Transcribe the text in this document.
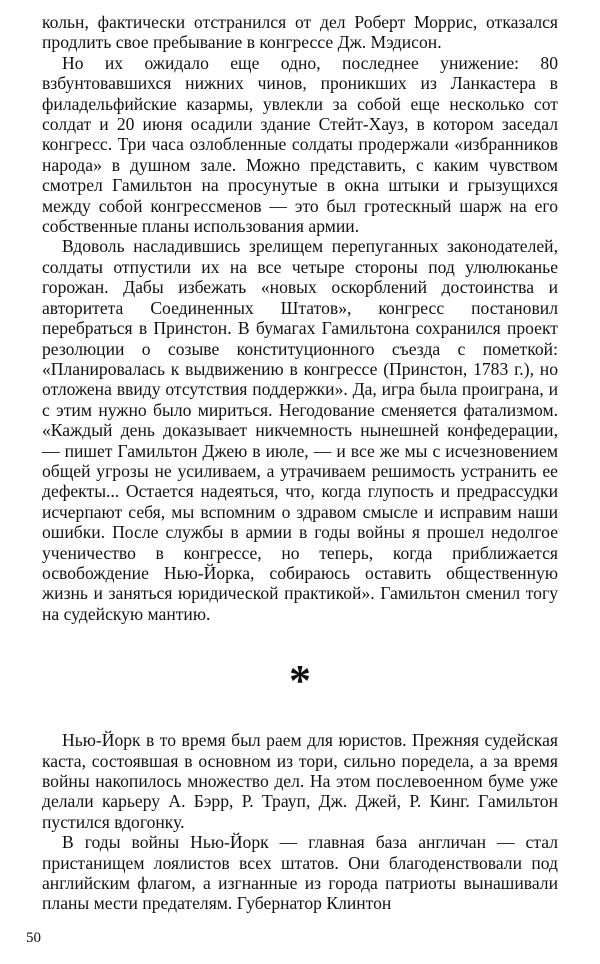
кольн, фактически отстранился от дел Роберт Моррис, отказался продлить свое пребывание в конгрессе Дж. Мэдисон.

Но их ожидало еще одно, последнее унижение: 80 взбунтовавшихся нижних чинов, проникших из Ланкастера в филадельфийские казармы, увлекли за собой еще несколько сот солдат и 20 июня осадили здание Стейт-Хауз, в котором заседал конгресс. Три часа озлобленные солдаты продержали «избранников народа» в душном зале. Можно представить, с каким чувством смотрел Гамильтон на просунутые в окна штыки и грызущихся между собой конгрессменов — это был гротескный шарж на его собственные планы использования армии.

Вдоволь насладившись зрелищем перепуганных законодателей, солдаты отпустили их на все четыре стороны под улюлюканье горожан. Дабы избежать «новых оскорблений достоинства и авторитета Соединенных Штатов», конгресс постановил перебраться в Принстон. В бумагах Гамильтона сохранился проект резолюции о созыве конституционного съезда с пометкой: «Планировалась к выдвижению в конгрессе (Принстон, 1783 г.), но отложена ввиду отсутствия поддержки». Да, игра была проиграна, и с этим нужно было мириться. Негодование сменяется фатализмом. «Каждый день доказывает никчемность нынешней конфедерации, — пишет Гамильтон Джею в июле, — и все же мы с исчезновением общей угрозы не усиливаем, а утрачиваем решимость устранить ее дефекты... Остается надеяться, что, когда глупость и предрассудки исчерпают себя, мы вспомним о здравом смысле и исправим наши ошибки. После службы в армии в годы войны я прошел недолгое ученичество в конгрессе, но теперь, когда приближается освобождение Нью-Йорка, собираюсь оставить общественную жизнь и заняться юридической практикой». Гамильтон сменил тогу на судейскую мантию.

*

Нью-Йорк в то время был раем для юристов. Прежняя судейская каста, состоявшая в основном из тори, сильно поредела, а за время войны накопилось множество дел. На этом послевоенном буме уже делали карьеру А. Бэрр, Р. Трауп, Дж. Джей, Р. Кинг. Гамильтон пустился вдогонку.

В годы войны Нью-Йорк — главная база англичан — стал пристанищем лоялистов всех штатов. Они благоденствовали под английским флагом, а изгнанные из города патриоты вынашивали планы мести предателям. Губернатор Клинтон

50
